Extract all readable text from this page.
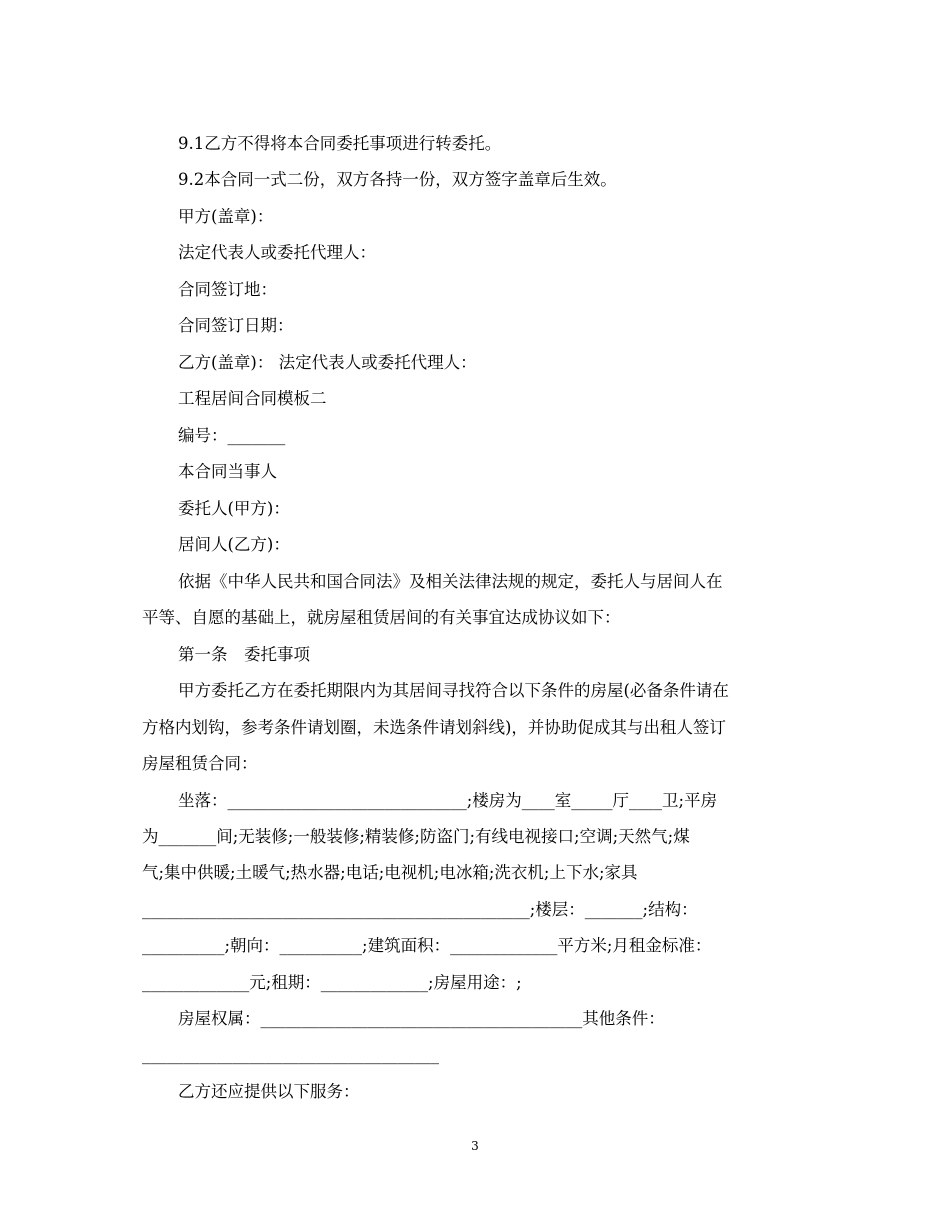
9.1乙方不得将本合同委托事项进行转委托。
9.2本合同一式二份，双方各持一份，双方签字盖章后生效。
甲方(盖章)：
法定代表人或委托代理人：
合同签订地：
合同签订日期：
乙方(盖章)： 法定代表人或委托代理人：
工程居间合同模板二
编号：_______
本合同当事人
委托人(甲方)：
居间人(乙方)：
依据《中华人民共和国合同法》及相关法律法规的规定，委托人与居间人在
平等、自愿的基础上，就房屋租赁居间的有关事宜达成协议如下：
第一条　委托事项
甲方委托乙方在委托期限内为其居间寻找符合以下条件的房屋(必备条件请在
方格内划钩，参考条件请划圈，未选条件请划斜线)，并协助促成其与出租人签订
房屋租赁合同：
坐落：_____________________________;楼房为____室_____厅____卫;平房
为_______间;无装修;一般装修;精装修;防盗门;有线电视接口;空调;天然气;煤
气;集中供暖;土暖气;热水器;电话;电视机;电冰箱;洗衣机;上下水;家具
_______________________________________________;楼层：_______;结构：
__________;朝向：__________;建筑面积：_____________平方米;月租金标准：
_____________元;租期：_____________;房屋用途：;
房屋权属：_______________________________________其他条件：
____________________________________
乙方还应提供以下服务：
3
